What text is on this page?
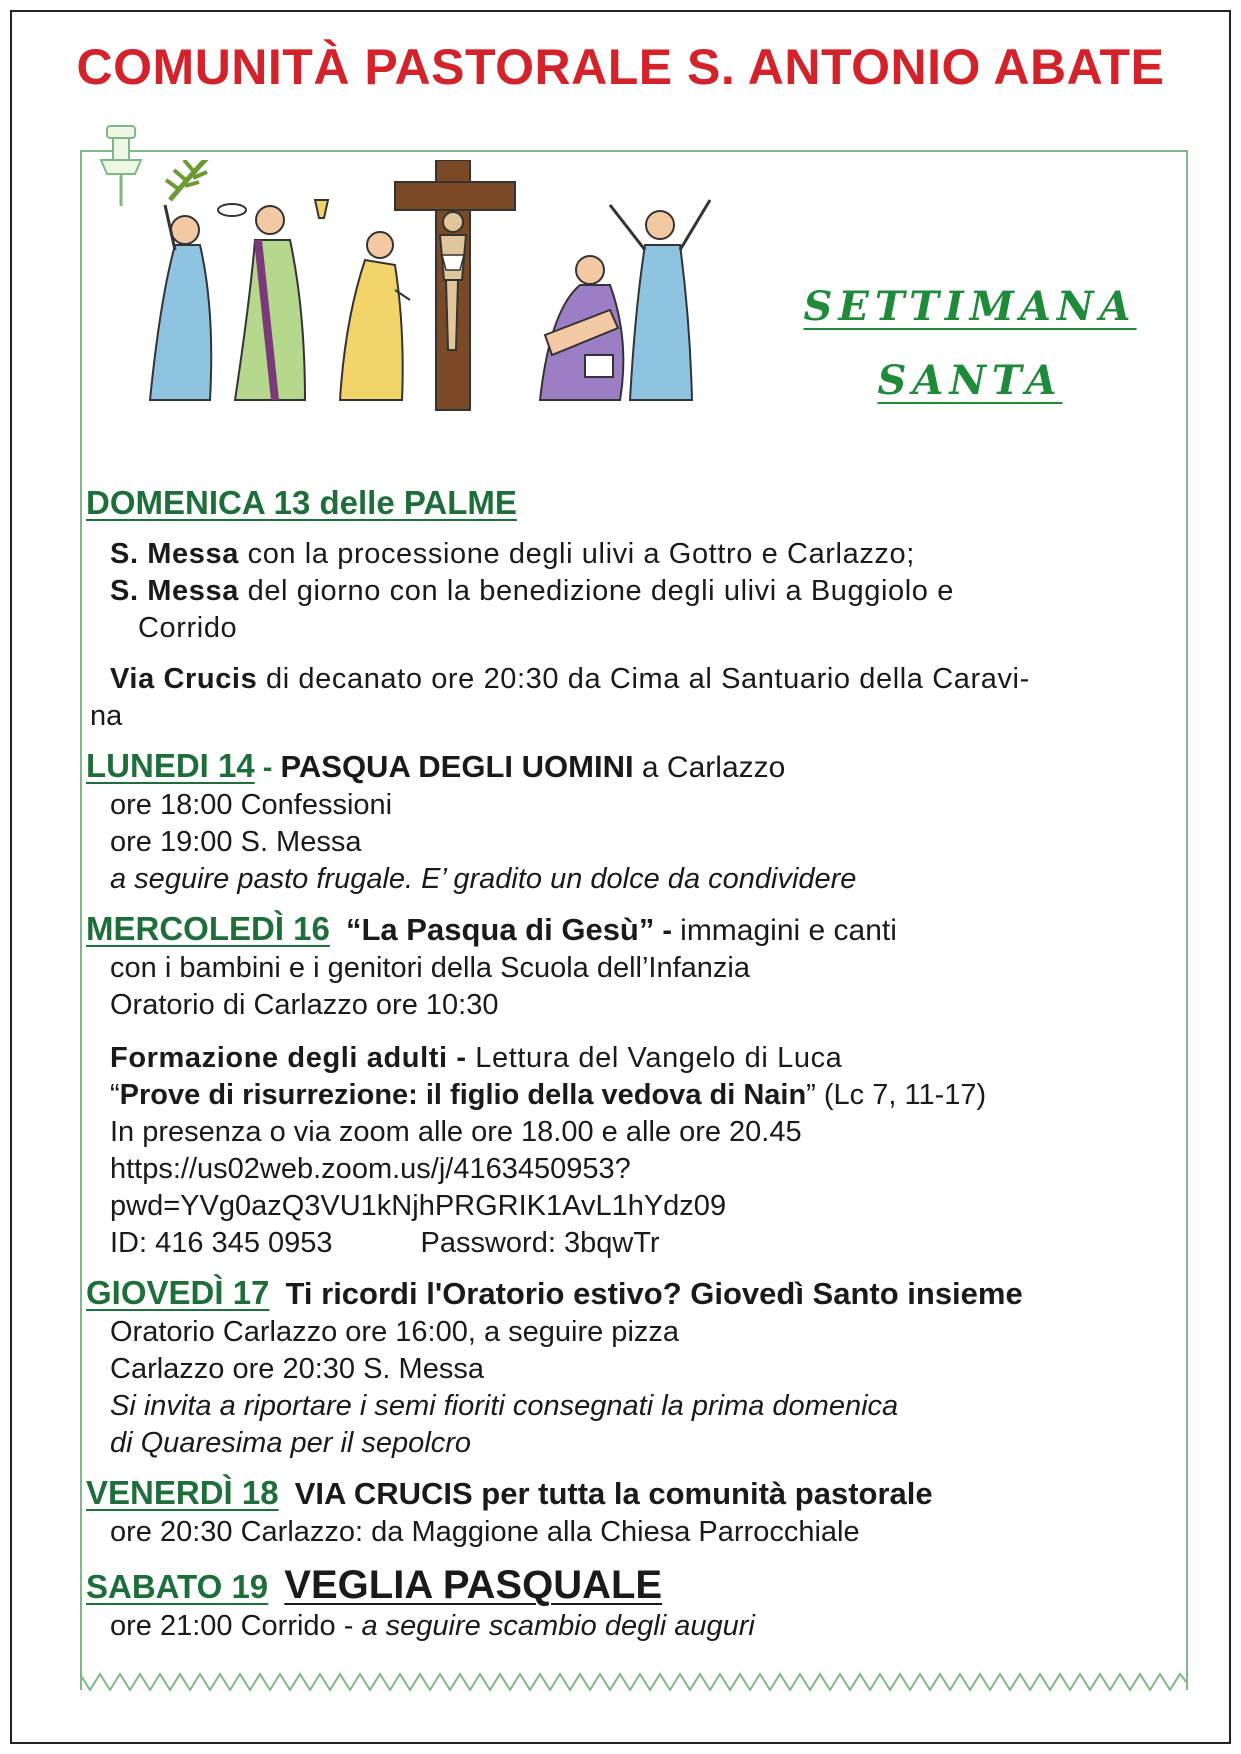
COMUNITÀ PASTORALE S. ANTONIO ABATE
SETTIMANA
SANTA
DOMENICA 13 delle PALME
S. Messa con la processione degli ulivi a Gottro e Carlazzo;
S. Messa del giorno con la benedizione degli ulivi a Buggiolo e
Corrido
Via Crucis di decanato ore 20:30 da Cima al Santuario della Caravi-
na
LUNEDI 14 - PASQUA DEGLI UOMINI a Carlazzo
ore 18:00 Confessioni
ore 19:00 S. Messa
a seguire pasto frugale. E’ gradito un dolce da condividere
MERCOLEDÌ 16 “La Pasqua di Gesù” - immagini e canti
con i bambini e i genitori della Scuola dell’Infanzia
Oratorio di Carlazzo ore 10:30
Formazione degli adulti - Lettura del Vangelo di Luca
“Prove di risurrezione: il figlio della vedova di Nain” (Lc 7, 11-17)
In presenza o via zoom alle ore 18.00 e alle ore 20.45
https://us02web.zoom.us/j/4163450953?
pwd=YVg0azQ3VU1kNjhPRGRIK1AvL1hYdz09
ID: 416 345 0953	Password: 3bqwTr
GIOVEDÌ 17 Ti ricordi l'Oratorio estivo? Giovedì Santo insieme
Oratorio Carlazzo ore 16:00, a seguire pizza
Carlazzo ore 20:30 S. Messa
Si invita a riportare i semi fioriti consegnati la prima domenica
di Quaresima per il sepolcro
VENERDÌ 18 VIA CRUCIS per tutta la comunità pastorale
ore 20:30 Carlazzo: da Maggione alla Chiesa Parrocchiale
SABATO 19 VEGLIA PASQUALE
ore 21:00 Corrido - a seguire scambio degli auguri
